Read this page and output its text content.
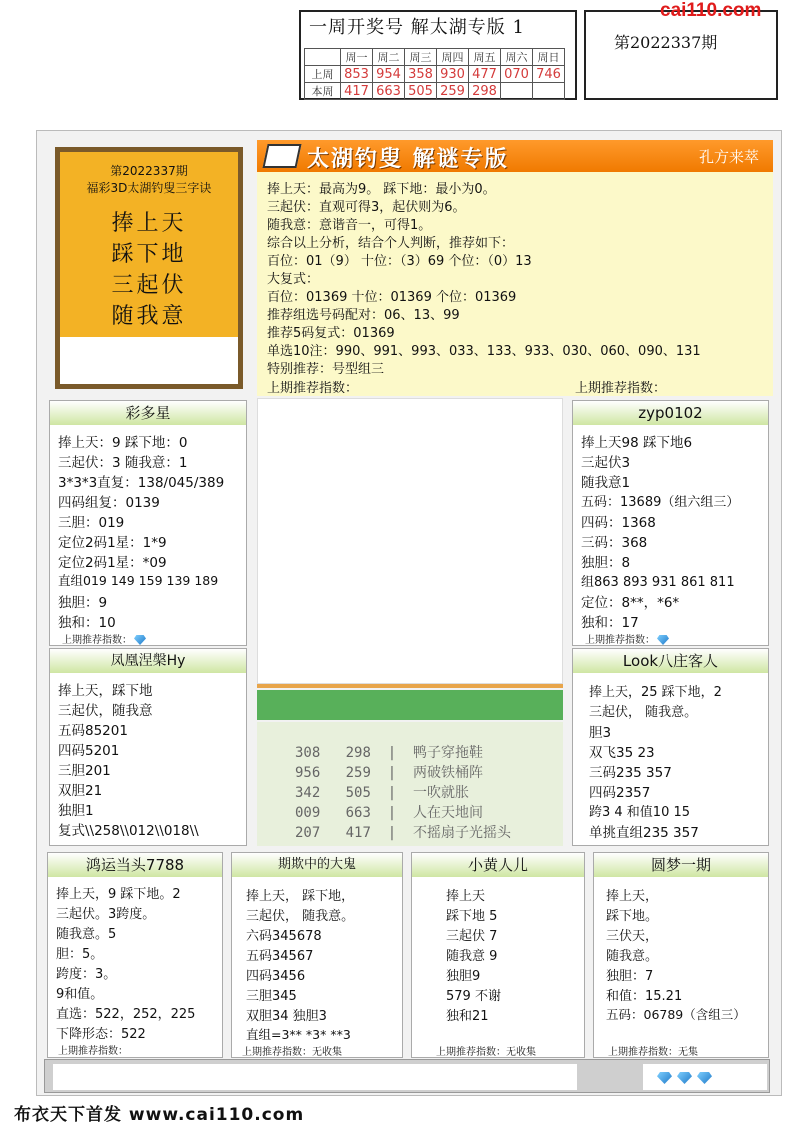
一周开奖号 解太湖专版 1
	周一	周二	周三	周四	周五	周六	周日
上周	853	954	358	930	477	070	746
本周	417	663	505	259	298		
第2022337期
cai110.com
第2022337期
福彩3D太湖钓叟三字诀
捧上天
踩下地
三起伏
随我意
太湖钓叟 解谜专版	孔方来萃
捧上天：最高为9。 踩下地：最小为0。
三起伏：直观可得3，起伏则为6。
随我意：意谐音一，可得1。
综合以上分析，结合个人判断，推荐如下：
百位：01（9） 十位：（3）69 个位：（0）13
大复式：
百位：01369 十位：01369 个位：01369
推荐组选号码配对：06、13、99
推荐5码复式：01369
单选10注：990、991、993、033、133、933、030、060、090、131
特别推荐：号型组三
上期推荐指数：	上期推荐指数：
彩多星
捧上天：9 踩下地：0
三起伏：3 随我意：1
3*3*3直复：138/045/389
四码组复：0139
三胆：019
定位2码1星：1*9
定位2码1星：*09
直组019 149 159 139 189
独胆：9
独和：10
上期推荐指数：
zyp0102
捧上天98 踩下地6
三起伏3
随我意1
五码：13689（组六组三）
四码：1368
三码：368
独胆：8
组863 893 931 861 811
定位：8**，*6*
独和：17
上期推荐指数：
凤凰涅槃Hy
捧上天，踩下地
三起伏，随我意
五码85201
四码5201
三胆201
双胆21
独胆1
复式\\258\\012\\018\\
Look八庄客人
捧上天，25 踩下地，2
三起伏， 随我意。
胆3
双飞35 23
三码235 357
四码2357
跨3 4 和值10 15
单挑直组235 357
308 298  |  鸭子穿拖鞋
956 259  |  两破铁桶阵
342 505  |  一吹就胀
009 663  |  人在天地间
207 417  |  不摇扇子光摇头
鸿运当头7788
捧上天，9 踩下地。2
三起伏。3跨度。
随我意。5
胆：5。
跨度：3。
9和值。
直选：522，252，225
下降形态：522
上期推荐指数：
期欺中的大鬼
捧上天， 踩下地，
三起伏， 随我意。
六码345678
五码34567
四码3456
三胆345
双胆34 独胆3
直组=3** *3* **3
上期推荐指数：无收集
小黄人儿
捧上天
踩下地 5
三起伏 7
随我意 9
独胆9
579 不谢
独和21
上期推荐指数：无收集
圆梦一期
捧上天，
踩下地。
三伏天，
随我意。
独胆：7
和值：15.21
五码：06789（含组三）
上期推荐指数：无集
布衣天下首发 www.cai110.com
